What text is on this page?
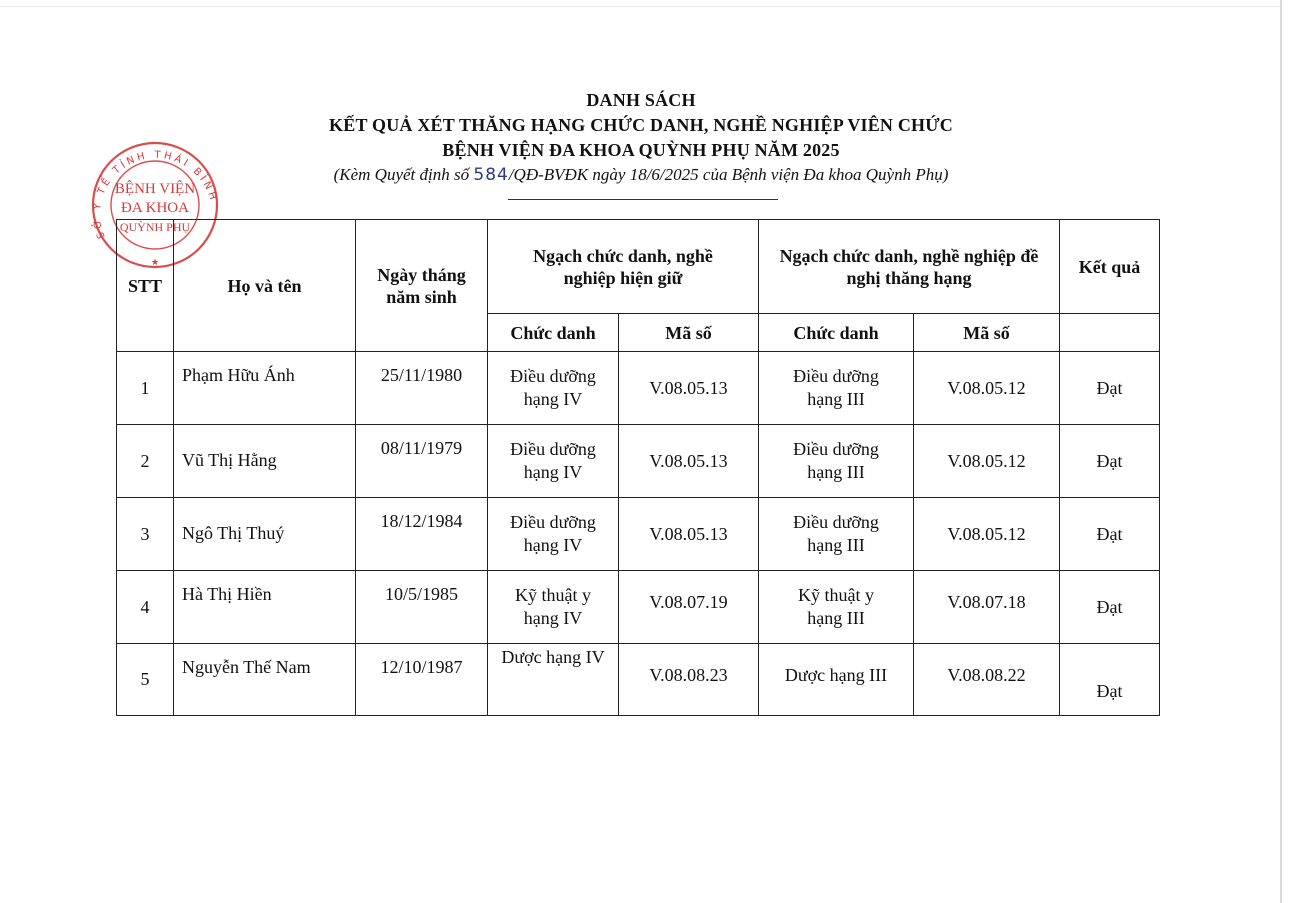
DANH SÁCH
KẾT QUẢ XÉT THĂNG HẠNG CHỨC DANH, NGHỀ NGHIỆP VIÊN CHỨC
BỆNH VIỆN ĐA KHOA QUỲNH PHỤ NĂM 2025
(Kèm Quyết định số 584/QĐ-BVĐK ngày 18/6/2025 của Bệnh viện Đa khoa Quỳnh Phụ)
SỞ Y TẾ TỈNH THÁI BÌNH
BỆNH VIỆN
ĐA KHOA
QUỲNH PHỤ
★
STT	Họ và tên	Ngày tháng năm sinh	Ngạch chức danh, nghề nghiệp hiện giữ		Ngạch chức danh, nghề nghiệp đề nghị thăng hạng		Kết quả
			Chức danh	Mã số	Chức danh	Mã số	
1	Phạm Hữu Ánh	25/11/1980	Điều dưỡng hạng IV	V.08.05.13	Điều dưỡng hạng III	V.08.05.12	Đạt
2	Vũ Thị Hằng	08/11/1979	Điều dưỡng hạng IV	V.08.05.13	Điều dưỡng hạng III	V.08.05.12	Đạt
3	Ngô Thị Thuý	18/12/1984	Điều dưỡng hạng IV	V.08.05.13	Điều dưỡng hạng III	V.08.05.12	Đạt
4	Hà Thị Hiền	10/5/1985	Kỹ thuật y hạng IV	V.08.07.19	Kỹ thuật y hạng III	V.08.07.18	Đạt
5	Nguyễn Thế Nam	12/10/1987	Dược hạng IV	V.08.08.23	Dược hạng III	V.08.08.22	Đạt
